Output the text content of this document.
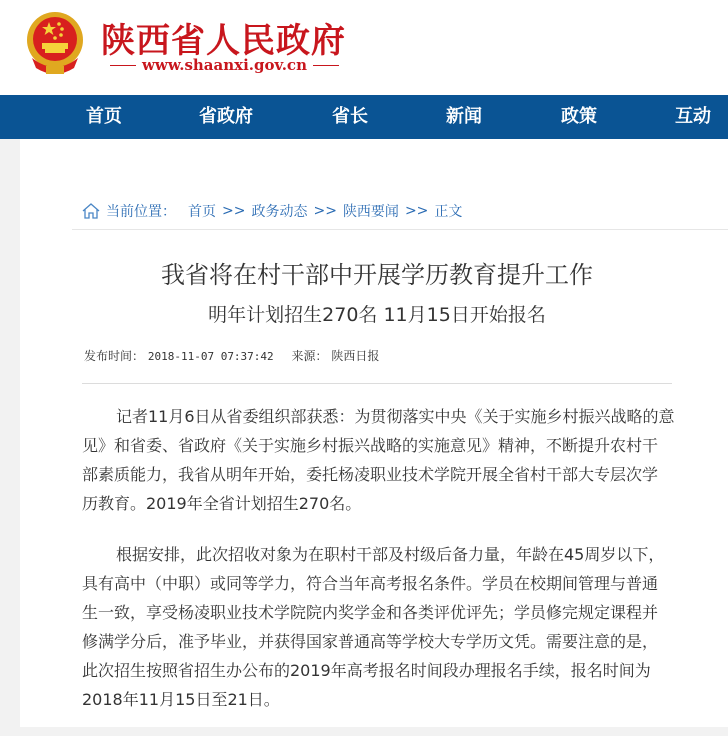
陕西省人民政府
www.shaanxi.gov.cn
首页	省政府	省长	新闻	政策	互动
当前位置： 首页 >> 政务动态 >> 陕西要闻 >> 正文
我省将在村干部中开展学历教育提升工作
明年计划招生270名 11月15日开始报名
发布时间： 2018-11-07 07:37:42 来源： 陕西日报
记者11月6日从省委组织部获悉：为贯彻落实中央《关于实施乡村振兴战略的意
见》和省委、省政府《关于实施乡村振兴战略的实施意见》精神，不断提升农村干
部素质能力，我省从明年开始，委托杨凌职业技术学院开展全省村干部大专层次学
历教育。2019年全省计划招生270名。
根据安排，此次招收对象为在职村干部及村级后备力量，年龄在45周岁以下，
具有高中（中职）或同等学力，符合当年高考报名条件。学员在校期间管理与普通
生一致，享受杨凌职业技术学院院内奖学金和各类评优评先；学员修完规定课程并
修满学分后，准予毕业，并获得国家普通高等学校大专学历文凭。需要注意的是，
此次招生按照省招生办公布的2019年高考报名时间段办理报名手续，报名时间为
2018年11月15日至21日。
